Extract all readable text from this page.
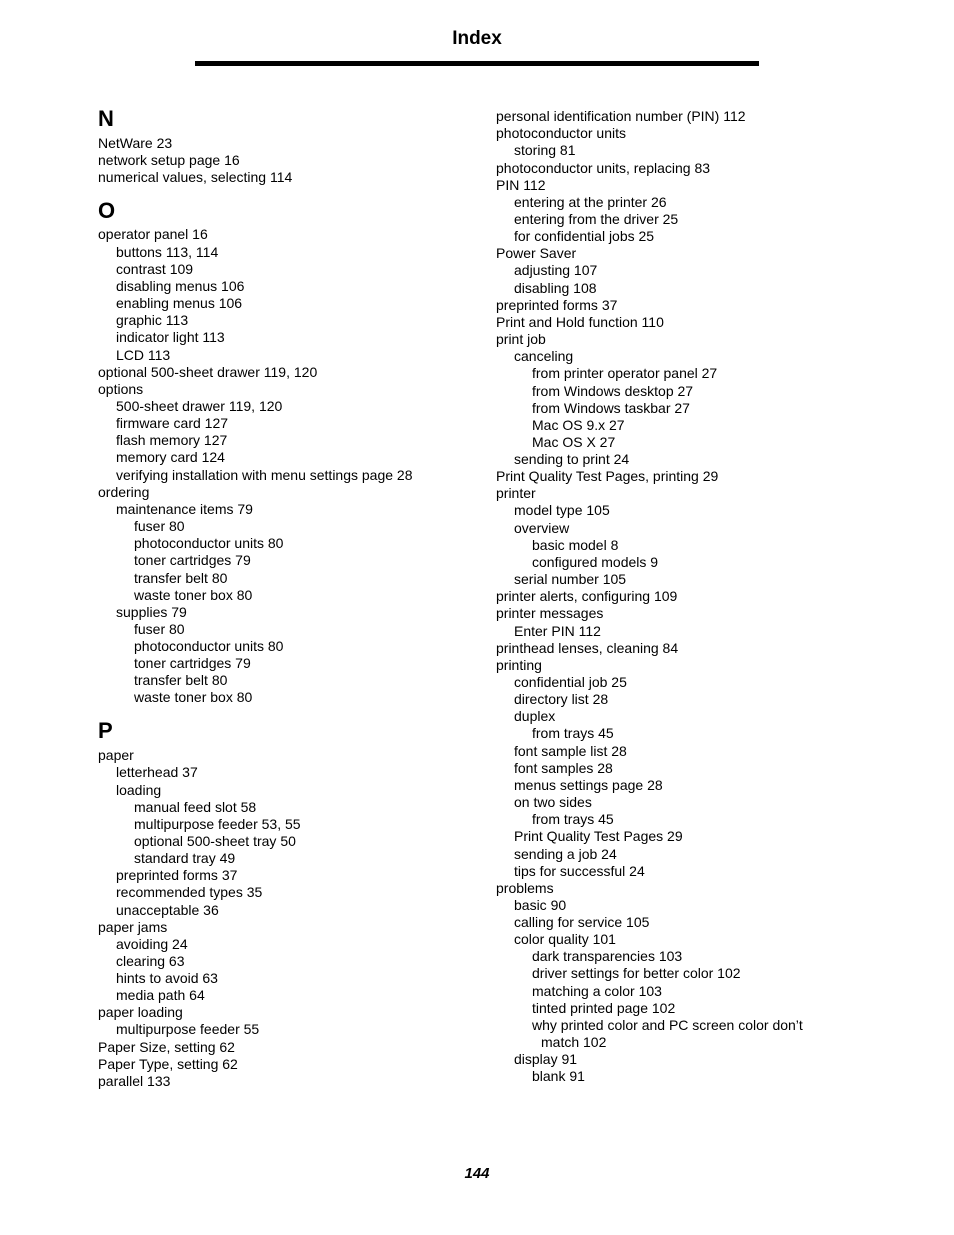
Index
N
NetWare 23
network setup page 16
numerical values, selecting 114
O
operator panel 16
buttons 113, 114
contrast 109
disabling menus 106
enabling menus 106
graphic 113
indicator light 113
LCD 113
optional 500-sheet drawer 119, 120
options
500-sheet drawer 119, 120
firmware card 127
flash memory 127
memory card 124
verifying installation with menu settings page 28
ordering
maintenance items 79
fuser 80
photoconductor units 80
toner cartridges 79
transfer belt 80
waste toner box 80
supplies 79
fuser 80
photoconductor units 80
toner cartridges 79
transfer belt 80
waste toner box 80
P
paper
letterhead 37
loading
manual feed slot 58
multipurpose feeder 53, 55
optional 500-sheet tray 50
standard tray 49
preprinted forms 37
recommended types 35
unacceptable 36
paper jams
avoiding 24
clearing 63
hints to avoid 63
media path 64
paper loading
multipurpose feeder 55
Paper Size, setting 62
Paper Type, setting 62
parallel 133
personal identification number (PIN) 112
photoconductor units
storing 81
photoconductor units, replacing 83
PIN 112
entering at the printer 26
entering from the driver 25
for confidential jobs 25
Power Saver
adjusting 107
disabling 108
preprinted forms 37
Print and Hold function 110
print job
canceling
from printer operator panel 27
from Windows desktop 27
from Windows taskbar 27
Mac OS 9.x 27
Mac OS X 27
sending to print 24
Print Quality Test Pages, printing 29
printer
model type 105
overview
basic model 8
configured models 9
serial number 105
printer alerts, configuring 109
printer messages
Enter PIN 112
printhead lenses, cleaning 84
printing
confidential job 25
directory list 28
duplex
from trays 45
font sample list 28
font samples 28
menus settings page 28
on two sides
from trays 45
Print Quality Test Pages 29
sending a job 24
tips for successful 24
problems
basic 90
calling for service 105
color quality 101
dark transparencies 103
driver settings for better color 102
matching a color 103
tinted printed page 102
why printed color and PC screen color don’t
match 102
display 91
blank 91
144
